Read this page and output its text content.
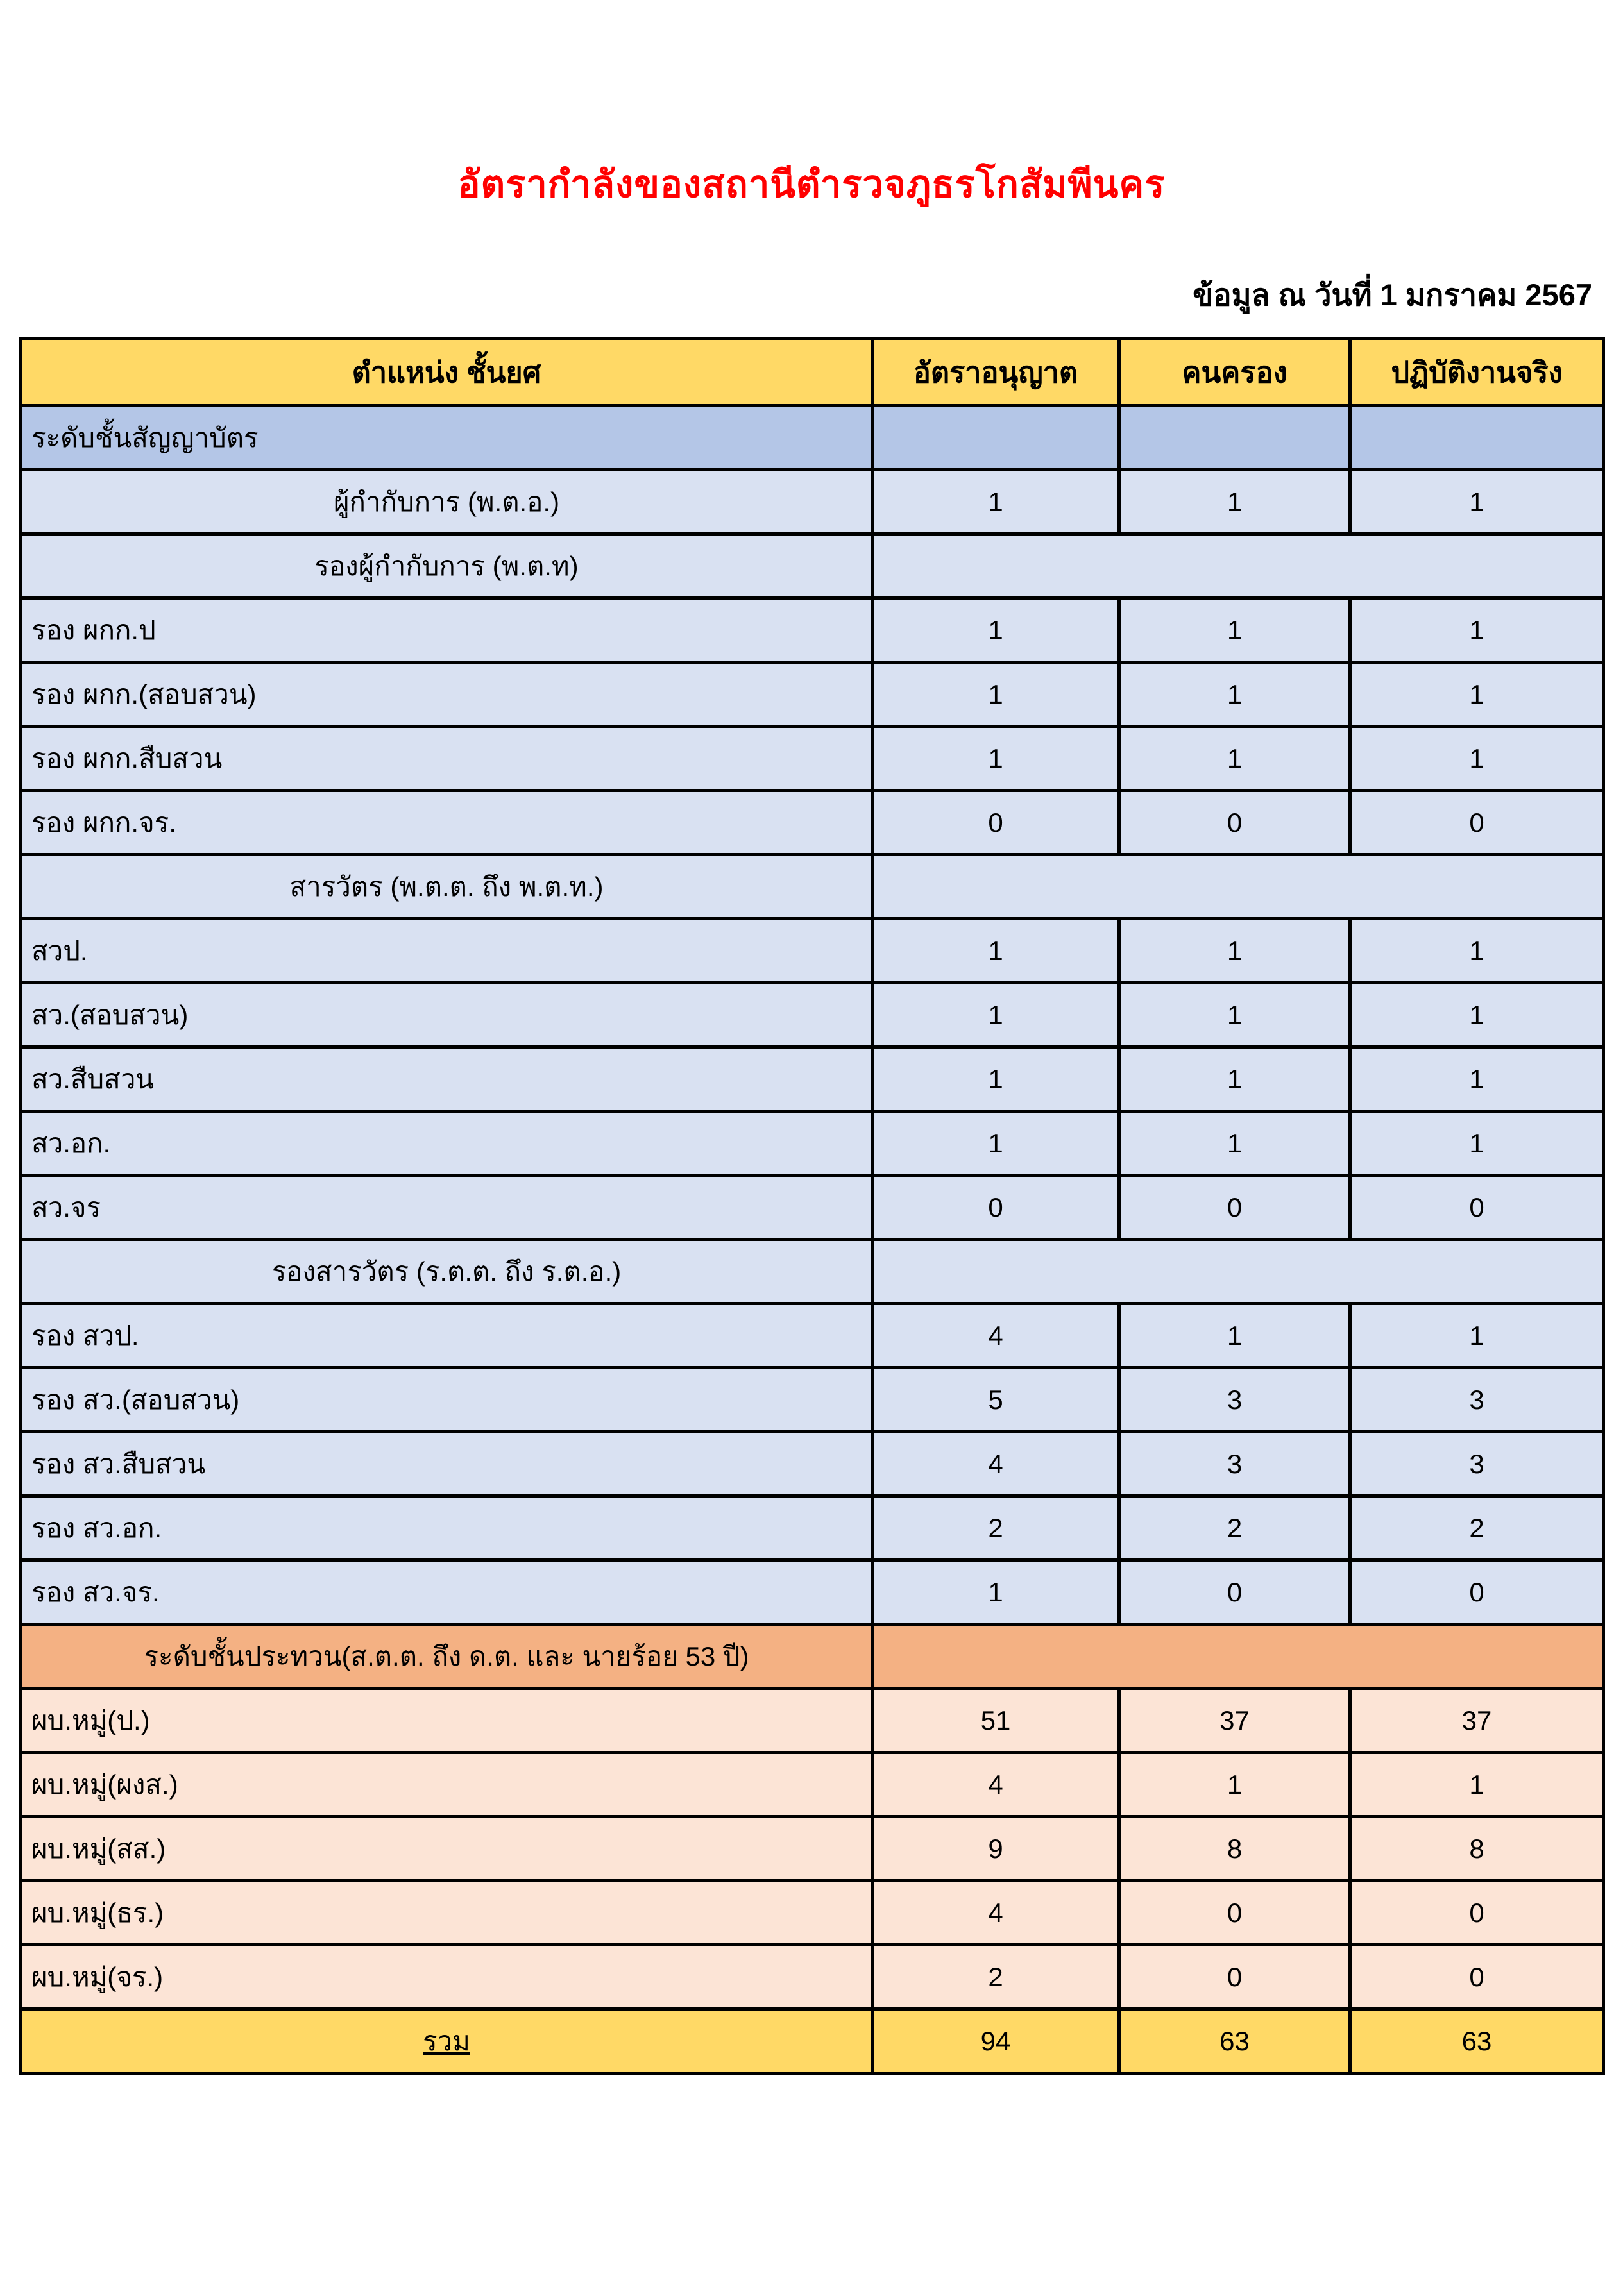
อัตรากำลังของสถานีตำรวจภูธรโกสัมพีนคร
ข้อมูล ณ วันที่ 1 มกราคม 2567
ตำแหน่ง ชั้นยศ	อัตราอนุญาต	คนครอง	ปฏิบัติงานจริง
ระดับชั้นสัญญาบัตร			
ผู้กำกับการ (พ.ต.อ.)	1	1	1
รองผู้กำกับการ (พ.ต.ท)			
รอง ผกก.ป	1	1	1
รอง ผกก.(สอบสวน)	1	1	1
รอง ผกก.สืบสวน	1	1	1
รอง ผกก.จร.	0	0	0
สารวัตร (พ.ต.ต. ถึง พ.ต.ท.)			
สวป.	1	1	1
สว.(สอบสวน)	1	1	1
สว.สืบสวน	1	1	1
สว.อก.	1	1	1
สว.จร	0	0	0
รองสารวัตร (ร.ต.ต. ถึง ร.ต.อ.)			
รอง สวป.	4	1	1
รอง สว.(สอบสวน)	5	3	3
รอง สว.สืบสวน	4	3	3
รอง สว.อก.	2	2	2
รอง สว.จร.	1	0	0
ระดับชั้นประทวน(ส.ต.ต. ถึง ด.ต. และ นายร้อย 53 ปี)			
ผบ.หมู่(ป.)	51	37	37
ผบ.หมู่(ผงส.)	4	1	1
ผบ.หมู่(สส.)	9	8	8
ผบ.หมู่(ธร.)	4	0	0
ผบ.หมู่(จร.)	2	0	0
รวม	94	63	63
